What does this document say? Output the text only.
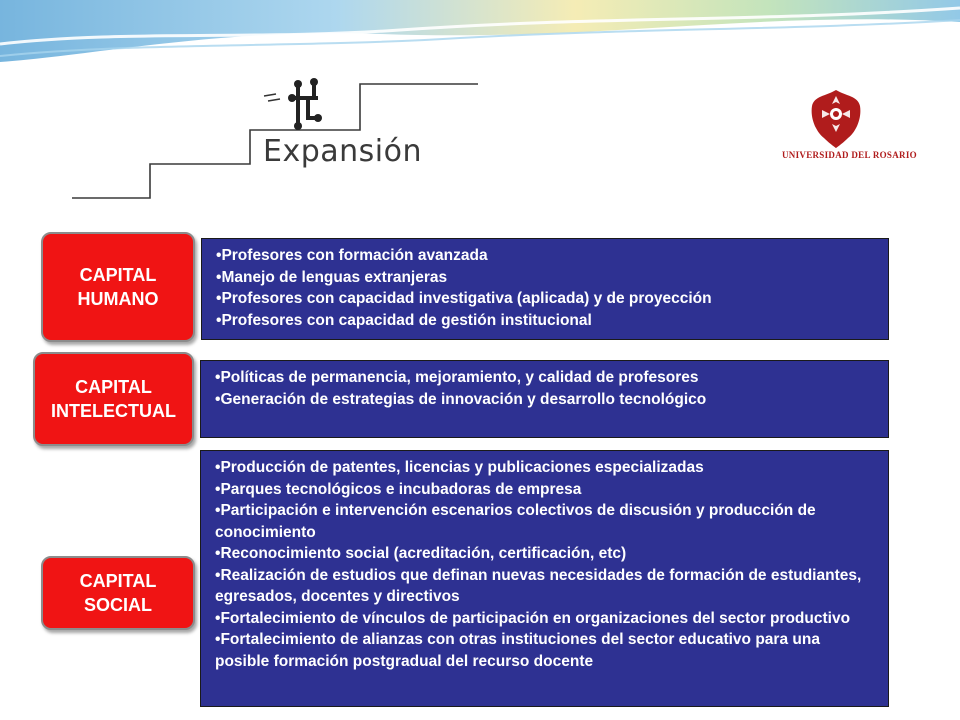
Expansión	UNIVERSIDAD DEL ROSARIO
CAPITAL
HUMANO
• Profesores con formación avanzada
• Manejo de lenguas extranjeras
• Profesores con capacidad investigativa (aplicada) y de proyección
• Profesores con capacidad de gestión institucional
CAPITAL
INTELECTUAL
• Políticas de permanencia, mejoramiento, y calidad de profesores
• Generación de estrategias de innovación y desarrollo tecnológico
CAPITAL
SOCIAL
• Producción de patentes, licencias y publicaciones especializadas
• Parques tecnológicos e incubadoras de empresa
• Participación e intervención escenarios colectivos de discusión y producción de conocimiento
• Reconocimiento social (acreditación, certificación, etc)
• Realización de estudios que definan nuevas necesidades de formación de estudiantes, egresados, docentes y directivos
• Fortalecimiento de vínculos de participación en organizaciones del sector productivo
• Fortalecimiento de alianzas con otras instituciones del sector educativo para una posible formación postgradual del recurso docente
